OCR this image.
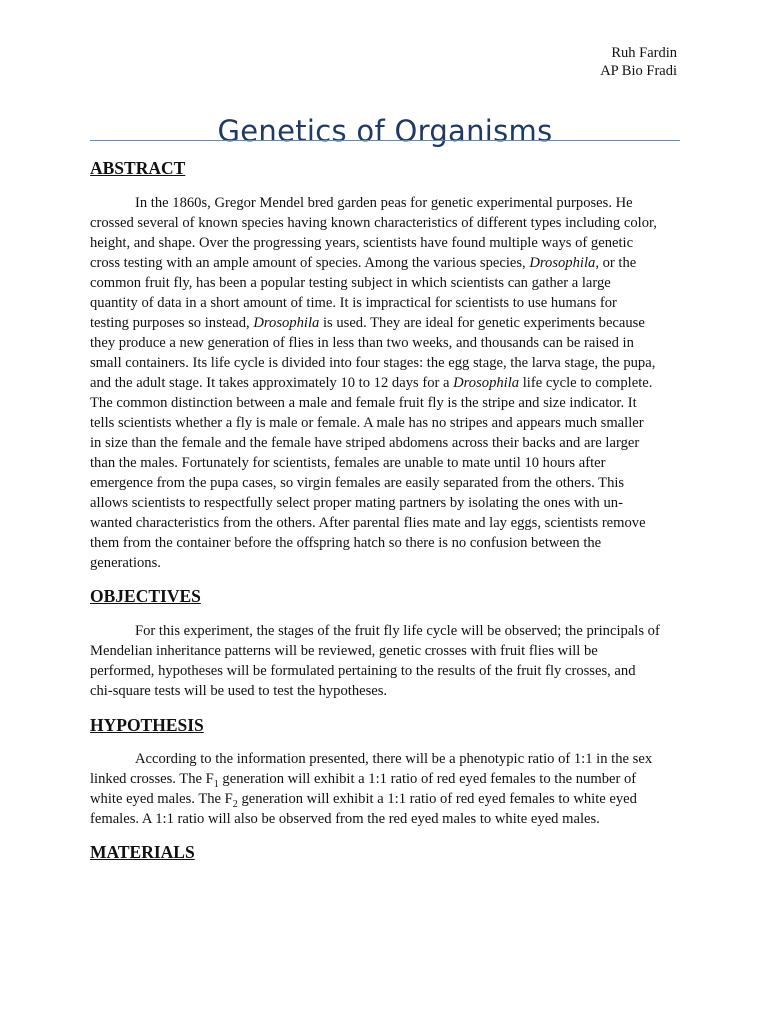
Ruh Fardin
AP Bio Fradi
Genetics of Organisms
ABSTRACT
In the 1860s, Gregor Mendel bred garden peas for genetic experimental purposes. He
crossed several of known species having known characteristics of different types including color,
height, and shape. Over the progressing years, scientists have found multiple ways of genetic
cross testing with an ample amount of species. Among the various species, Drosophila, or the
common fruit fly, has been a popular testing subject in which scientists can gather a large
quantity of data in a short amount of time. It is impractical for scientists to use humans for
testing purposes so instead, Drosophila is used. They are ideal for genetic experiments because
they produce a new generation of flies in less than two weeks, and thousands can be raised in
small containers. Its life cycle is divided into four stages: the egg stage, the larva stage, the pupa,
and the adult stage. It takes approximately 10 to 12 days for a Drosophila life cycle to complete.
The common distinction between a male and female fruit fly is the stripe and size indicator. It
tells scientists whether a fly is male or female. A male has no stripes and appears much smaller
in size than the female and the female have striped abdomens across their backs and are larger
than the males. Fortunately for scientists, females are unable to mate until 10 hours after
emergence from the pupa cases, so virgin females are easily separated from the others. This
allows scientists to respectfully select proper mating partners by isolating the ones with un-
wanted characteristics from the others. After parental flies mate and lay eggs, scientists remove
them from the container before the offspring hatch so there is no confusion between the
generations.
OBJECTIVES
For this experiment, the stages of the fruit fly life cycle will be observed; the principals of
Mendelian inheritance patterns will be reviewed, genetic crosses with fruit flies will be
performed, hypotheses will be formulated pertaining to the results of the fruit fly crosses, and
chi-square tests will be used to test the hypotheses.
HYPOTHESIS
According to the information presented, there will be a phenotypic ratio of 1:1 in the sex
linked crosses. The $F_1$ generation will exhibit a 1:1 ratio of red eyed females to the number of
white eyed males. The $F_2$ generation will exhibit a 1:1 ratio of red eyed females to white eyed
females. A 1:1 ratio will also be observed from the red eyed males to white eyed males.
MATERIALS
